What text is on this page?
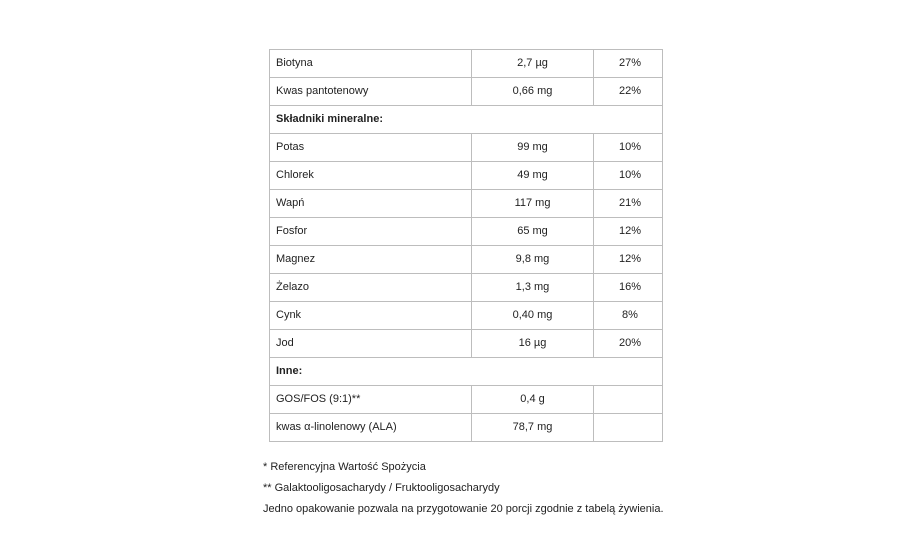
Biotyna	2,7 µg	27%
Kwas pantotenowy	0,66 mg	22%
Składniki mineralne:		
Potas	99 mg	10%
Chlorek	49 mg	10%
Wapń	117 mg	21%
Fosfor	65 mg	12%
Magnez	9,8 mg	12%
Żelazo	1,3 mg	16%
Cynk	0,40 mg	8%
Jod	16 µg	20%
Inne:		
GOS/FOS (9:1)**	0,4 g	
kwas α-linolenowy (ALA)	78,7 mg	
* Referencyjna Wartość Spożycia
** Galaktooligosacharydy / Fruktooligosacharydy
Jedno opakowanie pozwala na przygotowanie 20 porcji zgodnie z tabelą żywienia.
